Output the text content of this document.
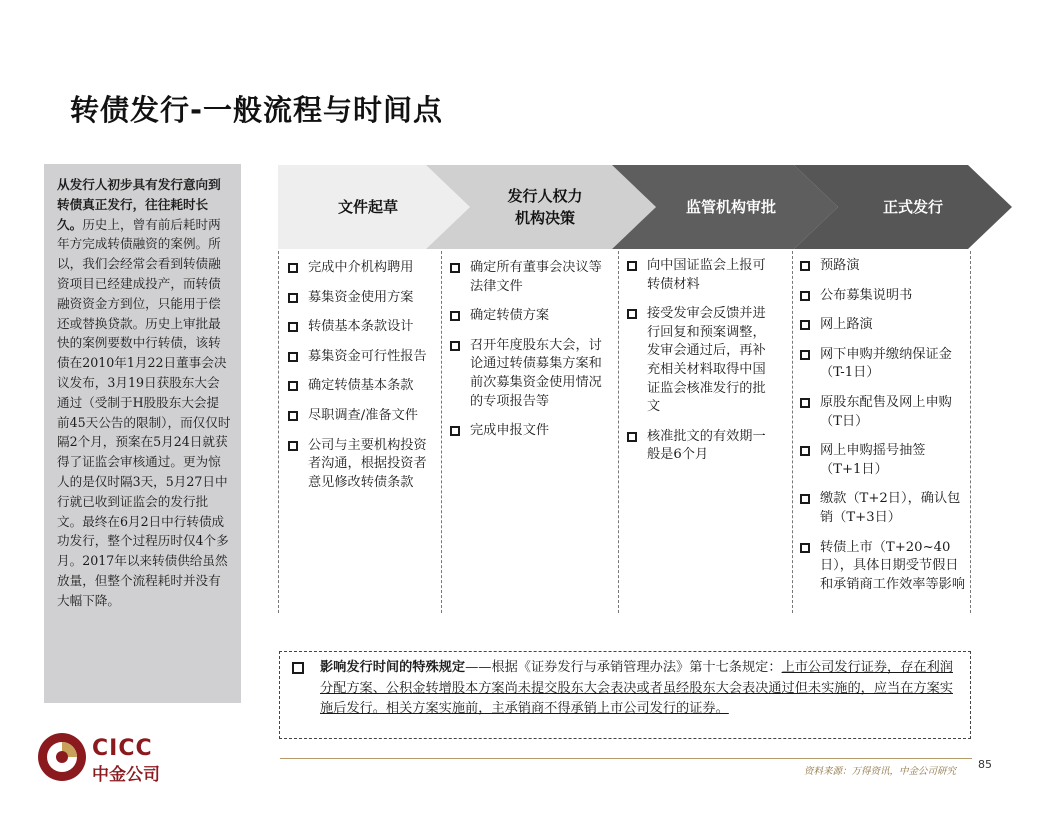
转债发行-一般流程与时间点
从发行人初步具有发行意向到转债真正发行，往往耗时长久。历史上，曾有前后耗时两年方完成转债融资的案例。所以，我们会经常会看到转债融资项目已经建成投产，而转债融资资金方到位，只能用于偿还或替换贷款。历史上审批最快的案例要数中行转债，该转债在2010年1月22日董事会决议发布，3月19日获股东大会通过（受制于H股股东大会提前45天公告的限制），而仅仅时隔2个月，预案在5月24日就获得了证监会审核通过。更为惊人的是仅时隔3天，5月27日中行就已收到证监会的发行批文。最终在6月2日中行转债成功发行，整个过程历时仅4个多月。2017年以来转债供给虽然放量，但整个流程耗时并没有大幅下降。
文件起草
发行人权力
机构决策
监管机构审批	正式发行
完成中介机构聘用
募集资金使用方案
转债基本条款设计
募集资金可行性报告
确定转债基本条款
尽职调查/准备文件
公司与主要机构投资者沟通，根据投资者意见修改转债条款
确定所有董事会决议等法律文件
确定转债方案
召开年度股东大会，讨论通过转债募集方案和前次募集资金使用情况的专项报告等
完成申报文件
向中国证监会上报可转债材料
接受发审会反馈并进行回复和预案调整，发审会通过后，再补充相关材料取得中国证监会核准发行的批文
核准批文的有效期一般是6个月
预路演
公布募集说明书
网上路演
网下申购并缴纳保证金（T-1日）
原股东配售及网上申购（T日）
网上申购摇号抽签（T+1日）
缴款（T+2日），确认包销（T+3日）
转债上市（T+20~40日），具体日期受节假日和承销商工作效率等影响
影响发行时间的特殊规定——根据《证券发行与承销管理办法》第十七条规定：上市公司发行证券，存在利润分配方案、公积金转增股本方案尚未提交股东大会表决或者虽经股东大会表决通过但未实施的，应当在方案实施后发行。相关方案实施前，主承销商不得承销上市公司发行的证券。
CICC
中金公司	资料来源：万得资讯，中金公司研究
85
